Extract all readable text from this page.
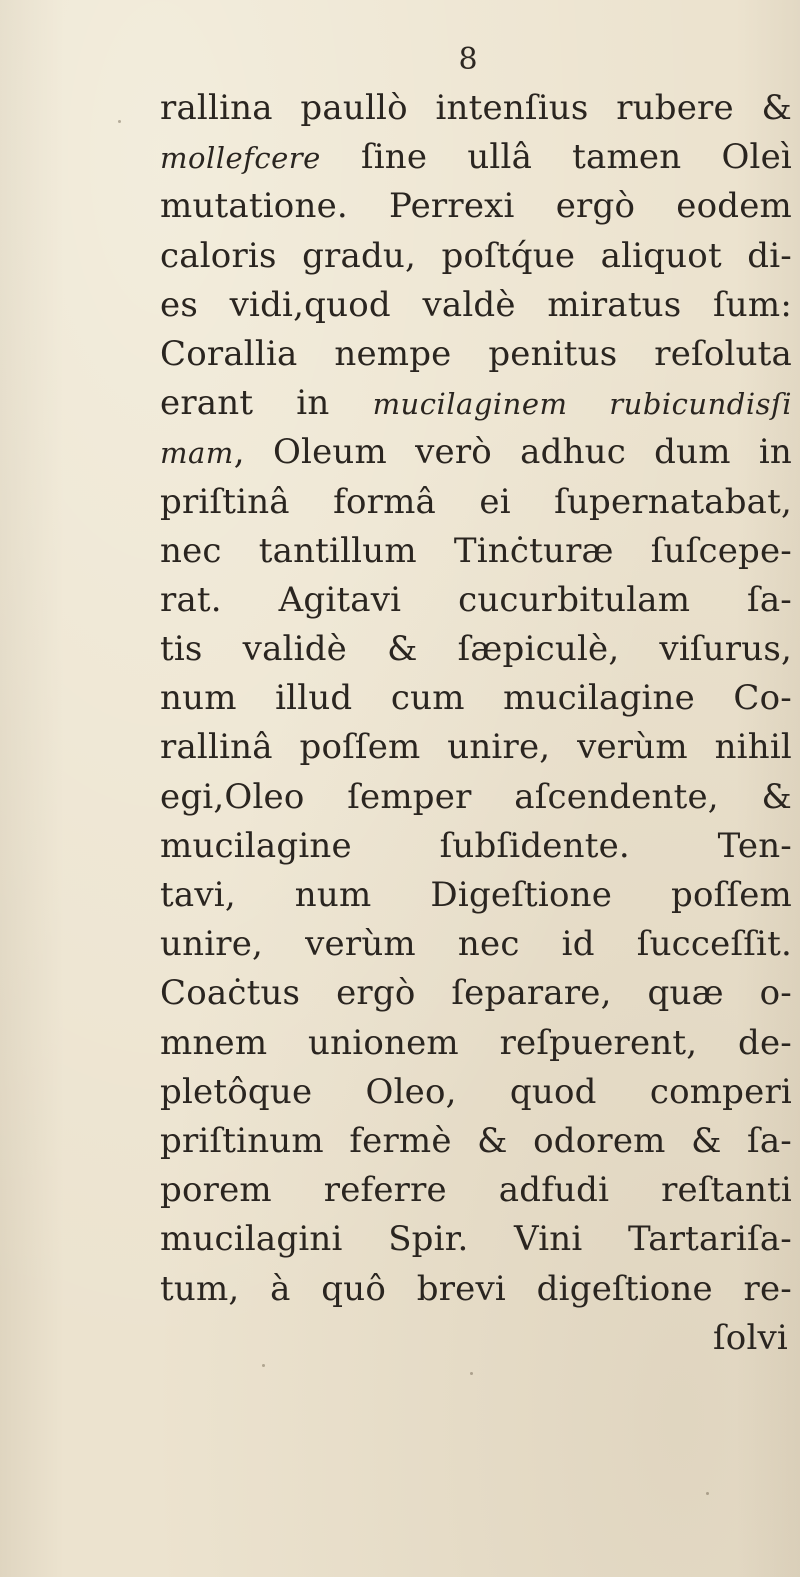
8
rallina paullò intenſius rubere &
mollefcere ſine ullâ tamen Oleì
mutatione. Perrexi ergò eodem
caloris gradu, poſtq́ue aliquot di-
es vidi,quod valdè miratus ſum:
Corallia nempe penitus reſoluta
erant in mucilaginem rubicundisſi
mam, Oleum verò adhuc dum in
priſtinâ formâ ei ſupernatabat,
nec tantillum Tinċturæ ſuſcepe-
rat. Agitavi cucurbitulam ſa-
tis validè & ſæpiculè, viſurus,
num illud cum mucilagine Co-
rallinâ poſſem unire, verùm nihil
egi,Oleo ſemper aſcendente, &
mucilagine ſubſidente. Ten-
tavi, num Digeſtione poſſem
unire, verùm nec id ſucceſſit.
Coaċtus ergò ſeparare, quæ o-
mnem unionem reſpuerent, de-
pletôque Oleo, quod comperi
priſtinum fermè & odorem & ſa-
porem referre adfudi reſtanti
mucilagini Spir. Vini Tartariſa-
tum, à quô brevi digeſtione re-
ſolvi
